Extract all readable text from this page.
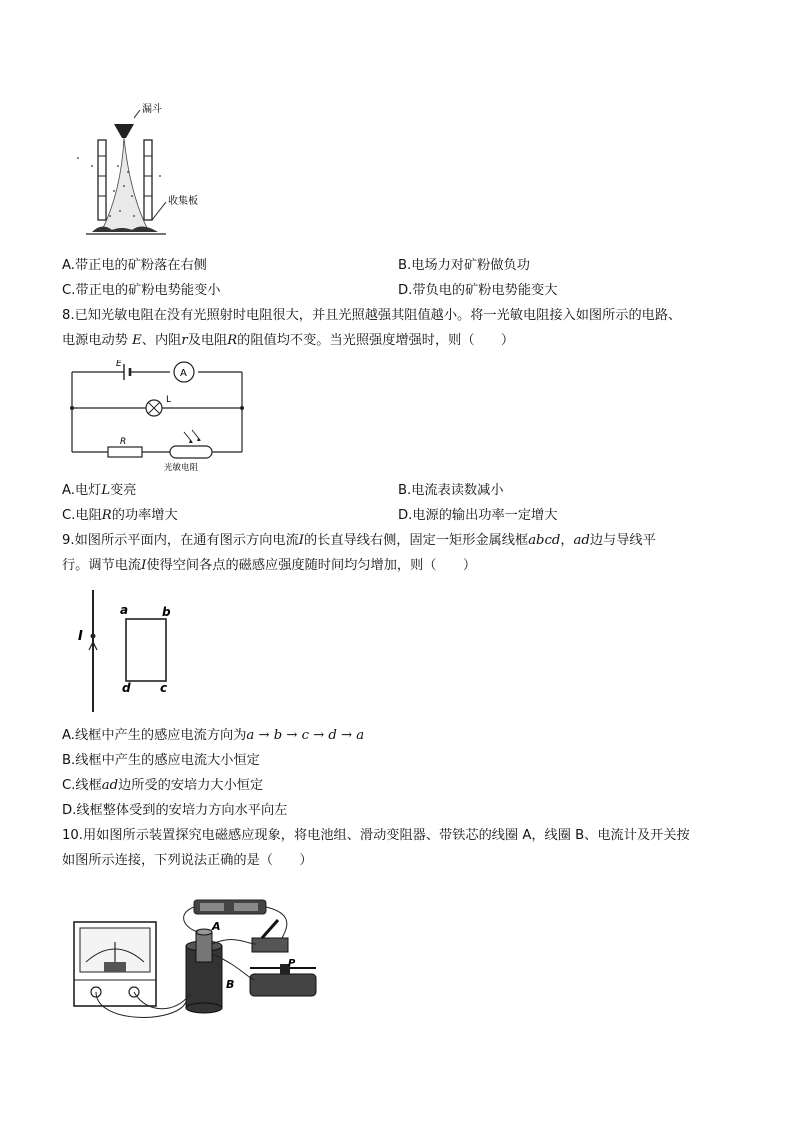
漏斗
收集板
A.带正电的矿粉落在右侧	B.电场力对矿粉做负功
C.带正电的矿粉电势能变小	D.带负电的矿粉电势能变大
8.已知光敏电阻在没有光照射时电阻很大，并且光照越强其阻值越小。将一光敏电阻接入如图所示的电路、
电源电动势 E、内阻r及电阻R的阻值均不变。当光照强度增强时，则（　　）
E
A
L
R
光敏电阻
A.电灯L变亮	B.电流表读数减小
C.电阻R的功率增大	D.电源的输出功率一定增大
9.如图所示平面内，在通有图示方向电流I的长直导线右侧，固定一矩形金属线框abcd，ad边与导线平
行。调节电流I使得空间各点的磁感应强度随时间均匀增加，则（　　）
I
a	b
c
d
A.线框中产生的感应电流方向为a → b → c → d → a
B.线框中产生的感应电流大小恒定
C.线框ad边所受的安培力大小恒定
D.线框整体受到的安培力方向水平向左
10.用如图所示装置探究电磁感应现象，将电池组、滑动变阻器、带铁芯的线圈 A，线圈 B、电流计及开关按
如图所示连接，下列说法正确的是（　　）
A
B
P
